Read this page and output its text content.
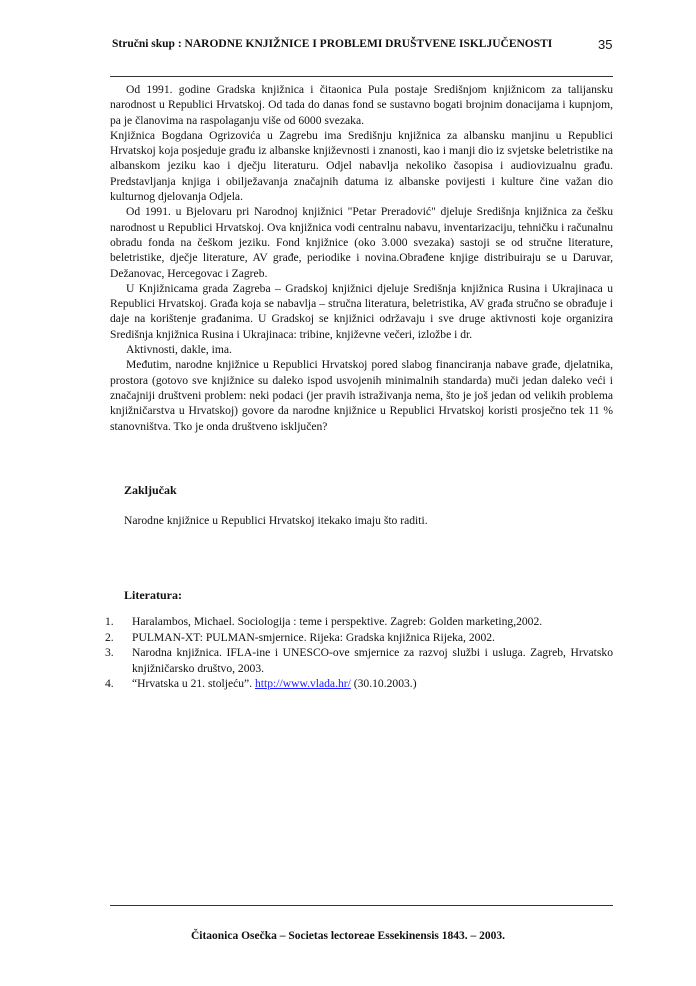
Stručni skup : NARODNE KNJIŽNICE I PROBLEMI DRUŠTVENE ISKLJUČENOSTI	35

Od 1991. godine Gradska knjižnica i čitaonica Pula postaje Središnjom knjižnicom za talijansku narodnost u Republici Hrvatskoj. Od tada do danas fond se sustavno bogati brojnim donacijama i kupnjom, pa je članovima na raspolaganju više od 6000 svezaka.

Knjižnica Bogdana Ogrizovića u Zagrebu ima Središnju knjižnica za albansku manjinu u Republici Hrvatskoj koja posjeduje građu iz albanske književnosti i znanosti, kao i manji dio iz svjetske beletristike na albanskom jeziku kao i dječju literaturu. Odjel nabavlja nekoliko časopisa i audiovizualnu građu. Predstavljanja knjiga i obilježavanja značajnih datuma iz albanske povijesti i kulture čine važan dio kulturnog djelovanja Odjela.

Od 1991. u Bjelovaru pri Narodnoj knjižnici "Petar Preradović" djeluje Središnja knjižnica za češku narodnost u Republici Hrvatskoj. Ova knjižnica vodi centralnu nabavu, inventarizaciju, tehničku i računalnu obradu fonda na češkom jeziku. Fond knjižnice (oko 3.000 svezaka) sastoji se od stručne literature, beletristike, dječje literature, AV građe, periodike i novina.Obrađene knjige distribuiraju se u Daruvar, Dežanovac, Hercegovac i Zagreb.

U Knjižnicama grada Zagreba – Gradskoj knjižnici djeluje Središnja knjižnica Rusina i Ukrajinaca u Republici Hrvatskoj. Građa koja se nabavlja – stručna literatura, beletristika, AV građa stručno se obrađuje i daje na korištenje građanima. U Gradskoj se knjižnici održavaju i sve druge aktivnosti koje organizira Središnja knjižnica Rusina i Ukrajinaca: tribine, književne večeri, izložbe i dr.

Aktivnosti, dakle, ima.

Međutim, narodne knjižnice u Republici Hrvatskoj pored slabog financiranja nabave građe, djelatnika, prostora (gotovo sve knjižnice su daleko ispod usvojenih minimalnih standarda) muči jedan daleko veći i značajniji društveni problem: neki podaci (jer pravih istraživanja nema, što je još jedan od velikih problema knjižničarstva u Hrvatskoj) govore da narodne knjižnice u Republici Hrvatskoj koristi prosječno tek 11 % stanovništva. Tko je onda društveno isključen?

Zaključak
Narodne knjižnice u Republici Hrvatskoj itekako imaju što raditi.
Literatura:
1. Haralambos, Michael. Sociologija : teme i perspektive. Zagreb: Golden marketing,2002.
2. PULMAN-XT: PULMAN-smjernice. Rijeka: Gradska knjižnica Rijeka, 2002.
3. Narodna knjižnica. IFLA-ine i UNESCO-ove smjernice za razvoj službi i usluga. Zagreb, Hrvatsko knjižničarsko društvo, 2003.
4. “Hrvatska u 21. stoljeću”. http://www.vlada.hr/ (30.10.2003.)
Čitaonica Osečka – Societas lectoreae Essekinensis 1843. – 2003.
